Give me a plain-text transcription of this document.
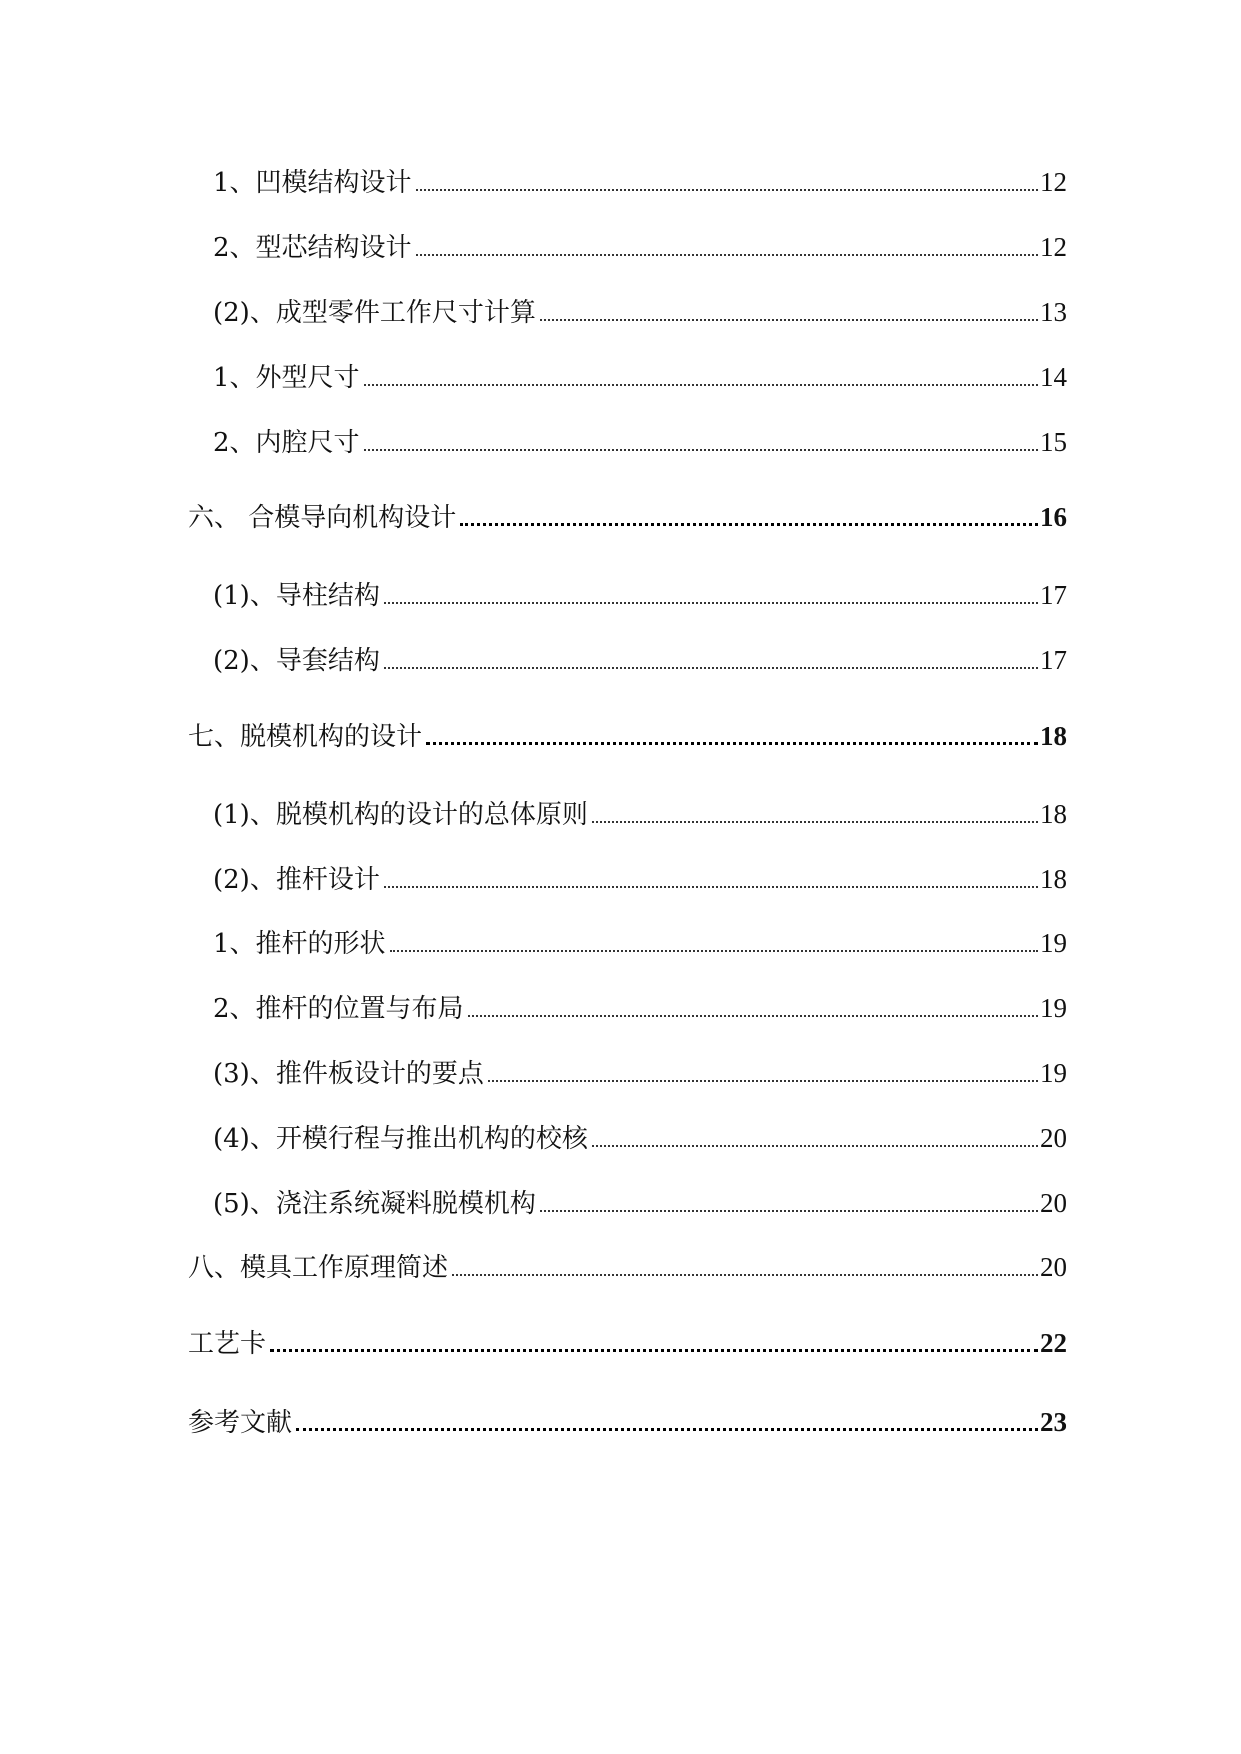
1、凹模结构设计	12
2、型芯结构设计	12
(2)、成型零件工作尺寸计算	13
1、外型尺寸	14
2、内腔尺寸	15
六、 合模导向机构设计	16
(1)、导柱结构	17
(2)、导套结构	17
七、脱模机构的设计	18
(1)、脱模机构的设计的总体原则	18
(2)、推杆设计	18
1、推杆的形状	19
2、推杆的位置与布局	19
(3)、推件板设计的要点	19
(4)、开模行程与推出机构的校核	20
(5)、浇注系统凝料脱模机构	20
八、模具工作原理简述	20
工艺卡	22
参考文献	23
